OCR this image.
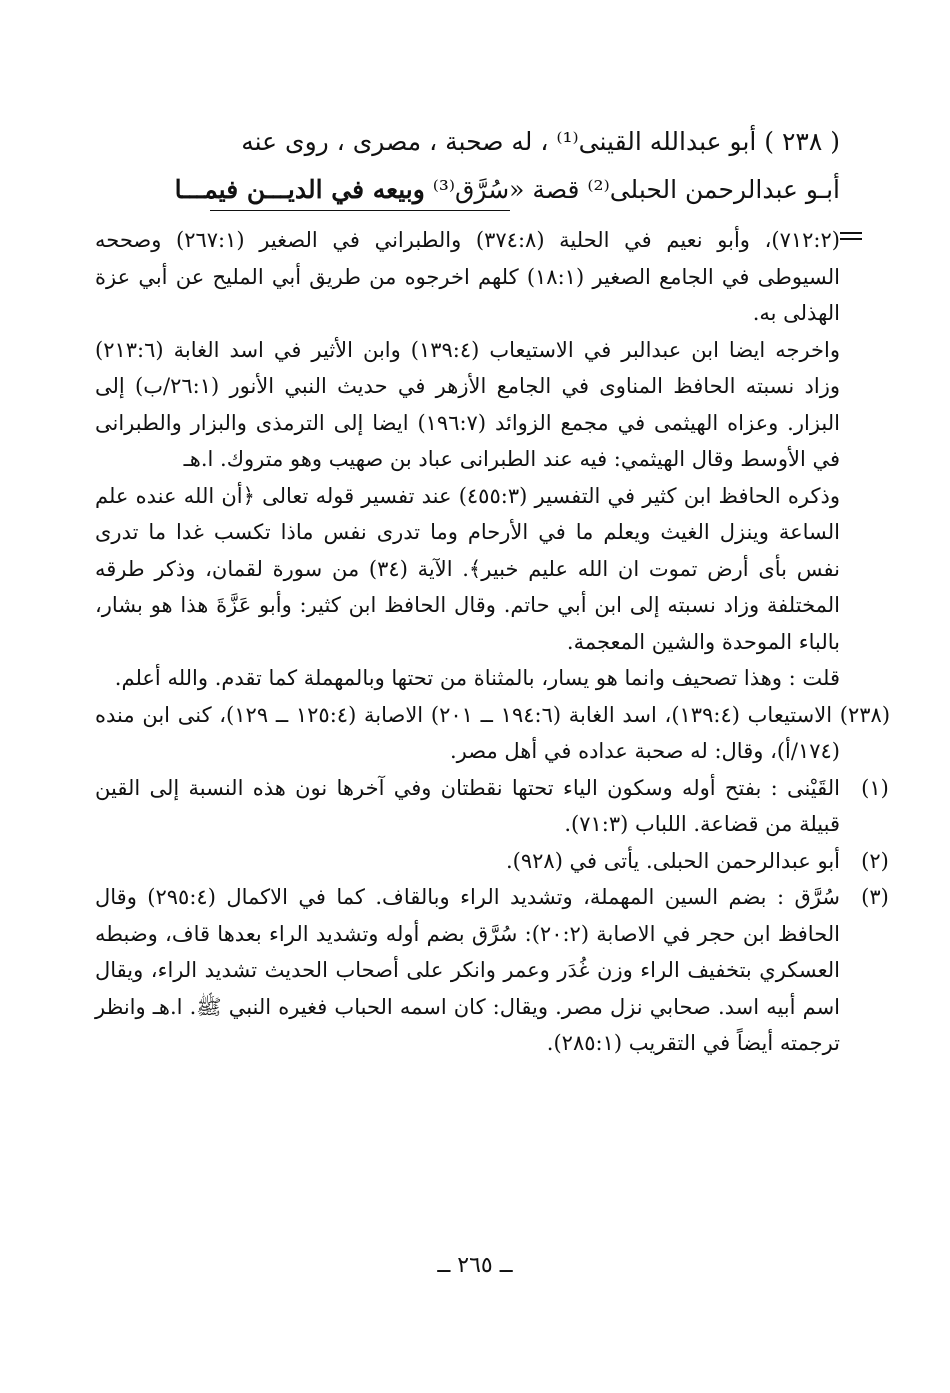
( ٢٣٨ ) أبو عبدالله القينى⁽¹⁾ ، له صحبة ، مصرى ، روى عنه
أبـو عبدالرحمن الحبلى⁽²⁾ قصة «سُرَّق⁽³⁾ وبيعه في الديـــن فيمـــا

(٧١٢:٢)، وأبو نعيم في الحلية (٣٧٤:٨) والطبراني في الصغير (٢٦٧:١) وصححه السيوطى في الجامع الصغير (١٨:١) كلهم اخرجوه من طريق أبي المليح عن أبي عزة الهذلى به.

واخرجه ايضا ابن عبدالبر في الاستيعاب (١٣٩:٤) وابن الأثير في اسد الغابة (٢١٣:٦) وزاد نسبته الحافظ المناوى في الجامع الأزهر في حديث النبي الأنور (٢٦:١/ب) إلى البزار. وعزاه الهيثمى في مجمع الزوائد (١٩٦:٧) ايضا إلى الترمذى والبزار والطبرانى في الأوسط وقال الهيثمي: فيه عند الطبرانى عباد بن صهيب وهو متروك. ا.هـ

وذكره الحافظ ابن كثير في التفسير (٤٥٥:٣) عند تفسير قوله تعالى ﴿أن الله عنده علم الساعة وينزل الغيث ويعلم ما في الأرحام وما تدرى نفس ماذا تكسب غدا ما تدرى نفس بأى أرض تموت ان الله عليم خبير﴾. الآية (٣٤) من سورة لقمان، وذكر طرقه المختلفة وزاد نسبته إلى ابن أبي حاتم. وقال الحافظ ابن كثير: وأبو عَزَّةَ هذا هو بشار، بالباء الموحدة والشين المعجمة.

قلت : وهذا تصحيف وانما هو يسار، بالمثناة من تحتها وبالمهملة كما تقدم. والله أعلم.

(٢٣٨) الاستيعاب (١٣٩:٤)، اسد الغابة (١٩٤:٦ ــ ٢٠١) الاصابة (١٢٥:٤ ــ ١٢٩)، كنى ابن منده (١٧٤/أ)، وقال: له صحبة عداده في أهل مصر.

(١)
القَيْنى : بفتح أوله وسكون الياء تحتها نقطتان وفي آخرها نون هذه النسبة إلى القين قبيلة من قضاعة. اللباب (٧١:٣).

(٢)
أبو عبدالرحمن الحبلى. يأتى في (٩٢٨).

(٣)
سُرَّق : بضم السين المهملة، وتشديد الراء وبالقاف. كما في الاكمال (٢٩٥:٤) وقال الحافظ ابن حجر في الاصابة (٢٠:٢): سُرَّق بضم أوله وتشديد الراء بعدها قاف، وضبطه العسكري بتخفيف الراء وزن غُدَر وعمر وانكر على أصحاب الحديث تشديد الراء، ويقال اسم أبيه اسد. صحابي نزل مصر. ويقال: كان اسمه الحباب فغيره النبي ﷺ. ا.هـ وانظر ترجمته أيضاً في التقريب (٢٨٥:١).

ــ ٢٦٥ ــ
